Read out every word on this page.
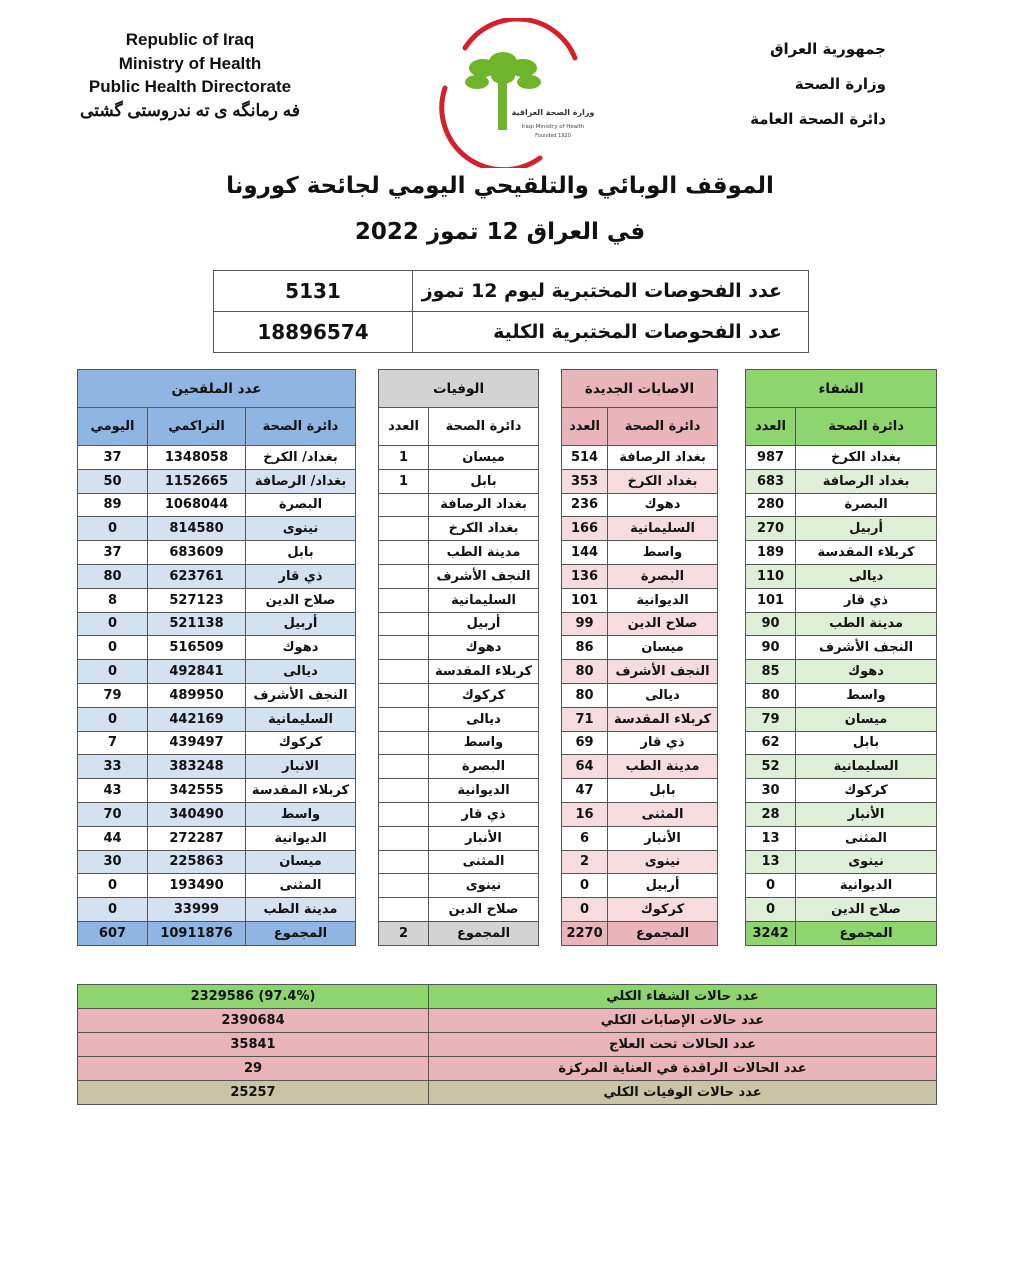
Republic of Iraq
Ministry of Health
Public Health Directorate
فه رمانگه ی ته ندروستی گشتی
جمهورية العراق
وزارة الصحة
دائرة الصحة العامة
وزارة الصحة العراقية
Iraqi Ministry of Health
Founded 1920
الموقف الوبائي والتلقيحي اليومي لجائحة كورونا
في العراق 12 تموز 2022
5131	عدد الفحوصات المختبرية ليوم 12 تموز
18896574	عدد الفحوصات المختبرية الكلية
عدد الملقحين				الوفيات			الاصابات الجديدة			الشفاء	
اليومي	التراكمي	دائرة الصحة		العدد	دائرة الصحة		العدد	دائرة الصحة		العدد	دائرة الصحة
37	1348058	بغداد/ الكرخ		1	ميسان		514	بغداد الرصافة		987	بغداد الكرخ
50	1152665	بغداد/ الرصافة		1	بابل		353	بغداد الكرخ		683	بغداد الرصافة
89	1068044	البصرة			بغداد الرصافة		236	دهوك		280	البصرة
0	814580	نينوى			بغداد الكرخ		166	السليمانية		270	أربيل
37	683609	بابل			مدينة الطب		144	واسط		189	كربلاء المقدسة
80	623761	ذي قار			النجف الأشرف		136	البصرة		110	ديالى
8	527123	صلاح الدين			السليمانية		101	الديوانية		101	ذي قار
0	521138	أربيل			أربيل		99	صلاح الدين		90	مدينة الطب
0	516509	دهوك			دهوك		86	ميسان		90	النجف الأشرف
0	492841	ديالى			كربلاء المقدسة		80	النجف الأشرف		85	دهوك
79	489950	النجف الأشرف			كركوك		80	ديالى		80	واسط
0	442169	السليمانية			ديالى		71	كربلاء المقدسة		79	ميسان
7	439497	كركوك			واسط		69	ذي قار		62	بابل
33	383248	الانبار			البصرة		64	مدينة الطب		52	السليمانية
43	342555	كربلاء المقدسة			الديوانية		47	بابل		30	كركوك
70	340490	واسط			ذي قار		16	المثنى		28	الأنبار
44	272287	الديوانية			الأنبار		6	الأنبار		13	المثنى
30	225863	ميسان			المثنى		2	نينوى		13	نينوى
0	193490	المثنى			نينوى		0	أربيل		0	الديوانية
0	33999	مدينة الطب			صلاح الدين		0	كركوك		0	صلاح الدين
607	10911876	المجموع		2	المجموع		2270	المجموع		3242	المجموع
2329586 (97.4%)	عدد حالات الشفاء الكلي
2390684	عدد حالات الإصابات الكلي
35841	عدد الحالات تحت العلاج
29	عدد الحالات الراقدة في العناية المركزة
25257	عدد حالات الوفيات الكلي
